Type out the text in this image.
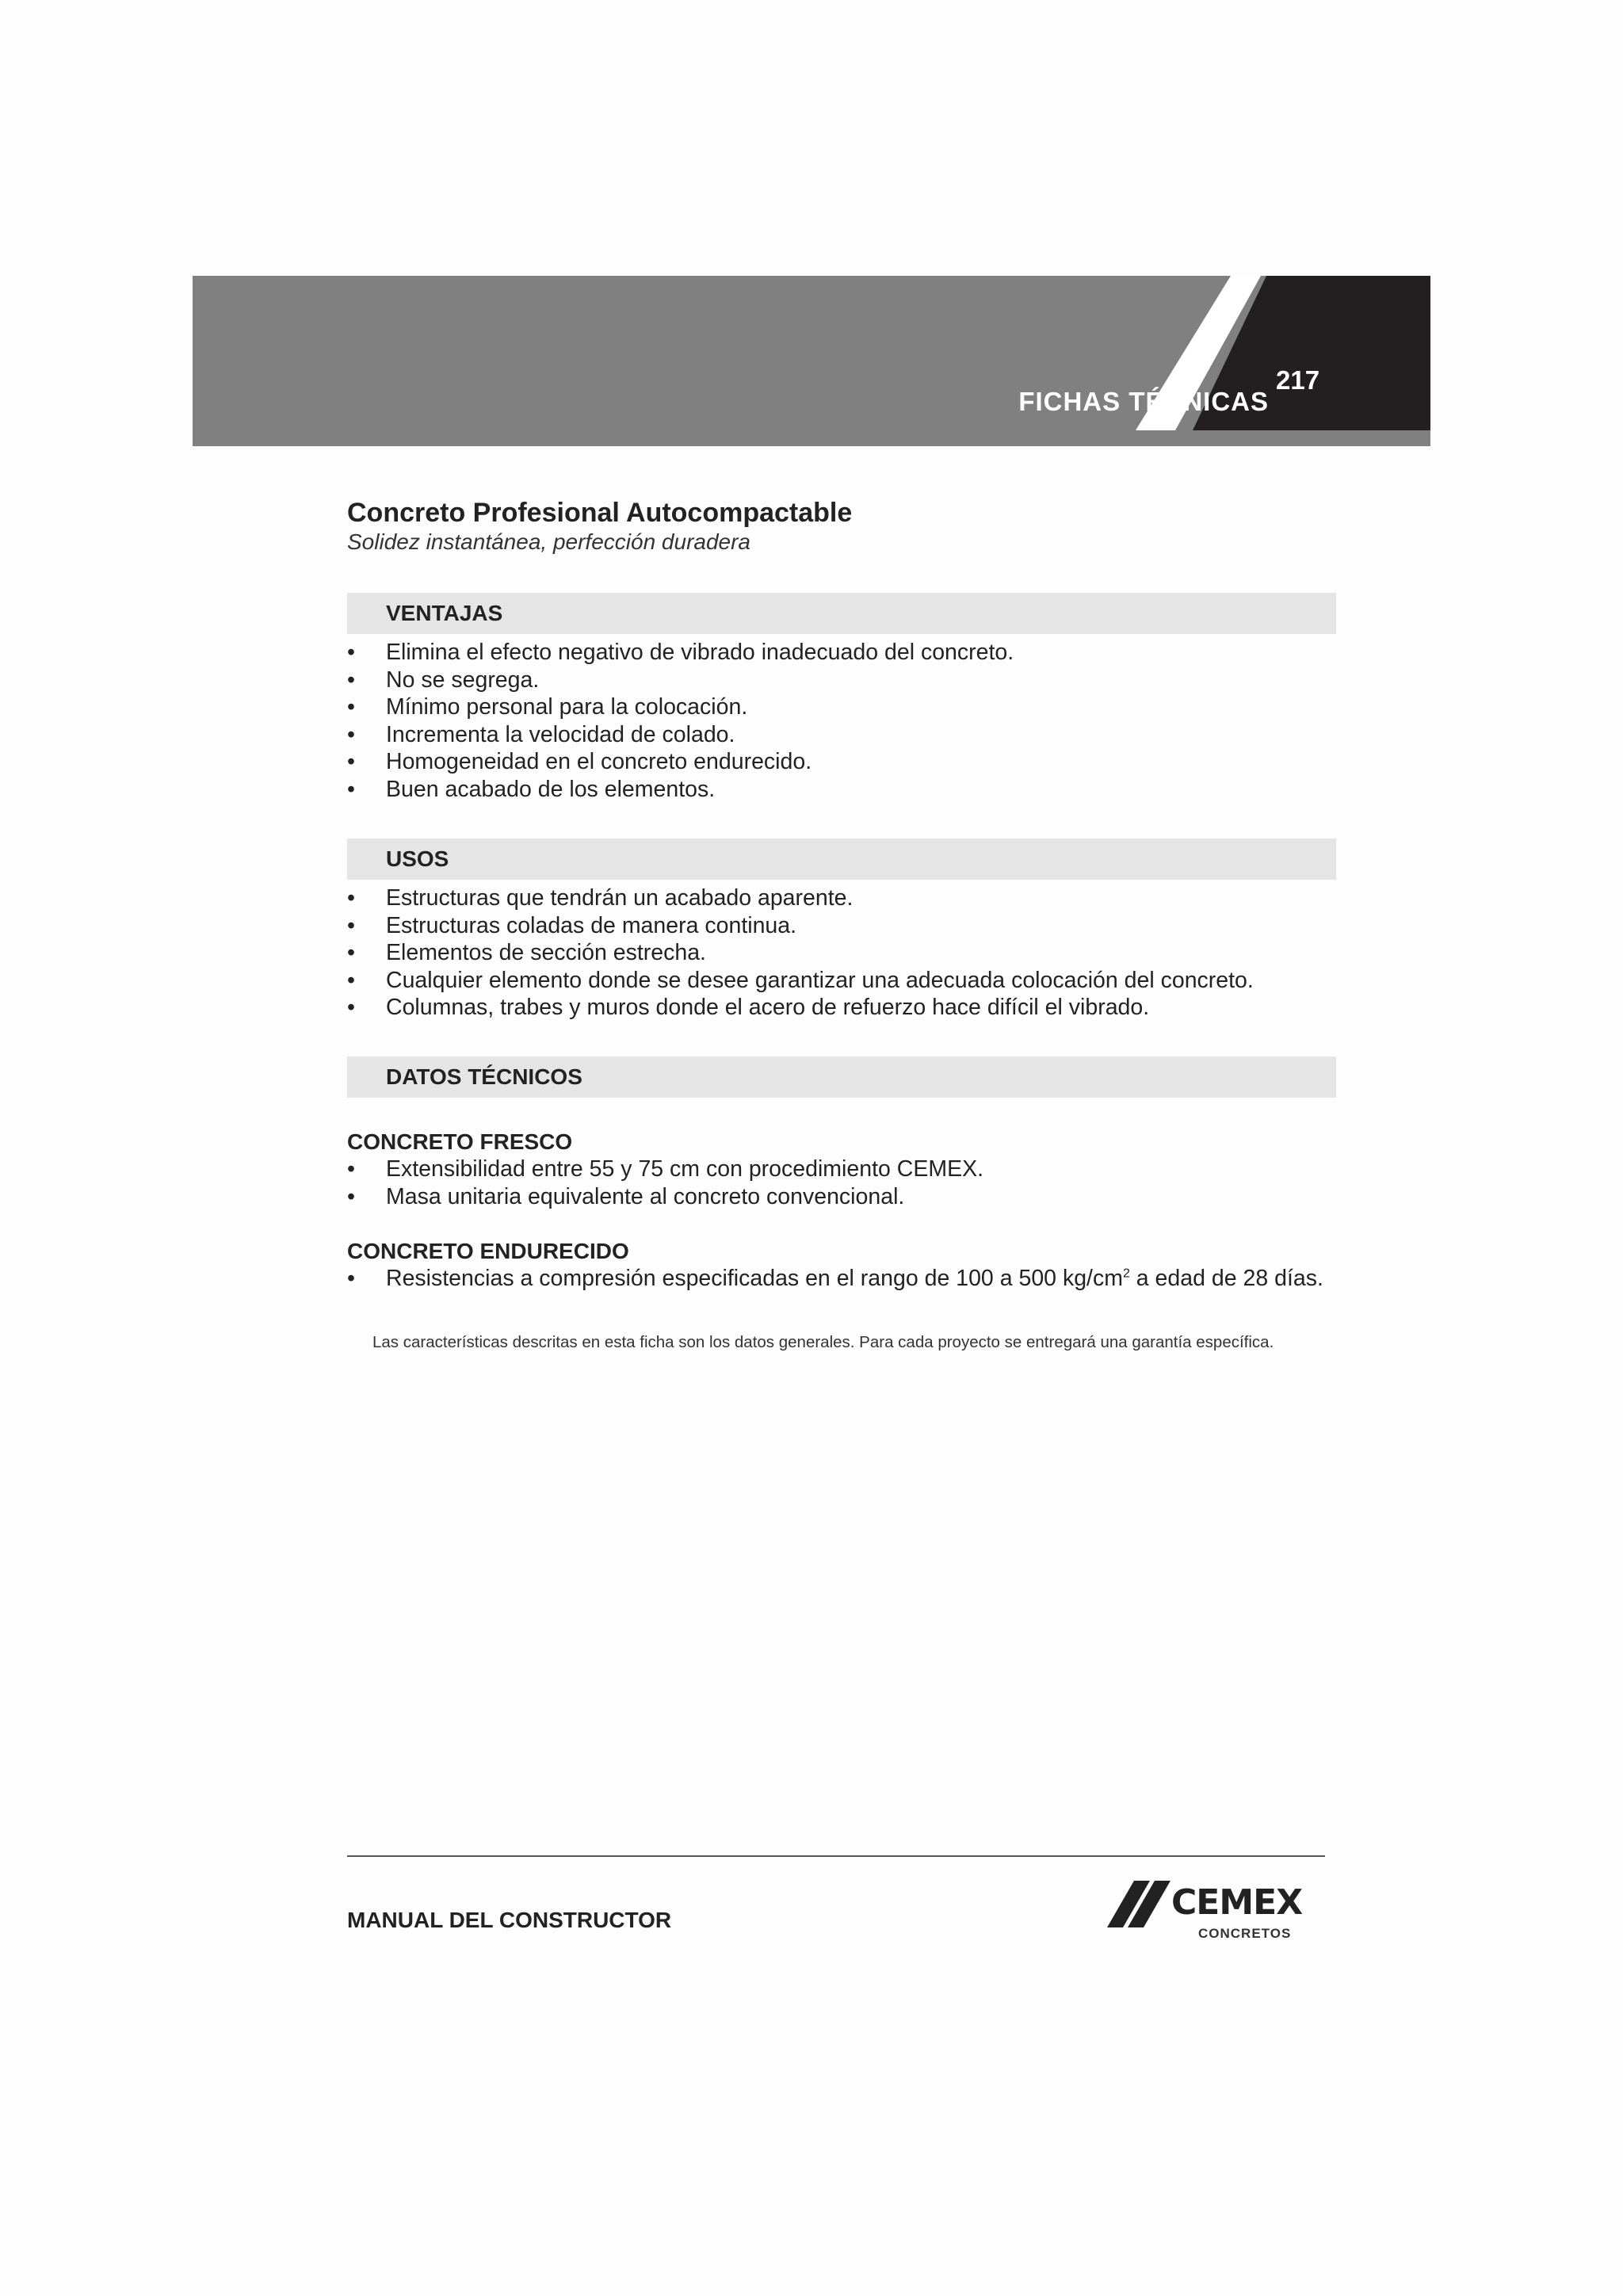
FICHAS TÉCNICAS
217
Concreto Profesional Autocompactable
Solidez instantánea, perfección duradera
VENTAJAS
• Elimina el efecto negativo de vibrado inadecuado del concreto.
• No se segrega.
• Mínimo personal para la colocación.
• Incrementa la velocidad de colado.
• Homogeneidad en el concreto endurecido.
• Buen acabado de los elementos.
USOS
• Estructuras que tendrán un acabado aparente.
• Estructuras coladas de manera continua.
• Elementos de sección estrecha.
• Cualquier elemento donde se desee garantizar una adecuada colocación del concreto.
• Columnas, trabes y muros donde el acero de refuerzo hace difícil el vibrado.
DATOS TÉCNICOS
CONCRETO FRESCO
• Extensibilidad entre 55 y 75 cm con procedimiento CEMEX.
• Masa unitaria equivalente al concreto convencional.
CONCRETO ENDURECIDO
• Resistencias a compresión especificadas en el rango de 100 a 500 $kg/cm^2$ a edad de 28 días.
Las características descritas en esta ficha son los datos generales. Para cada proyecto se entregará una garantía específica.
MANUAL DEL CONSTRUCTOR	CEMEX
CONCRETOS
